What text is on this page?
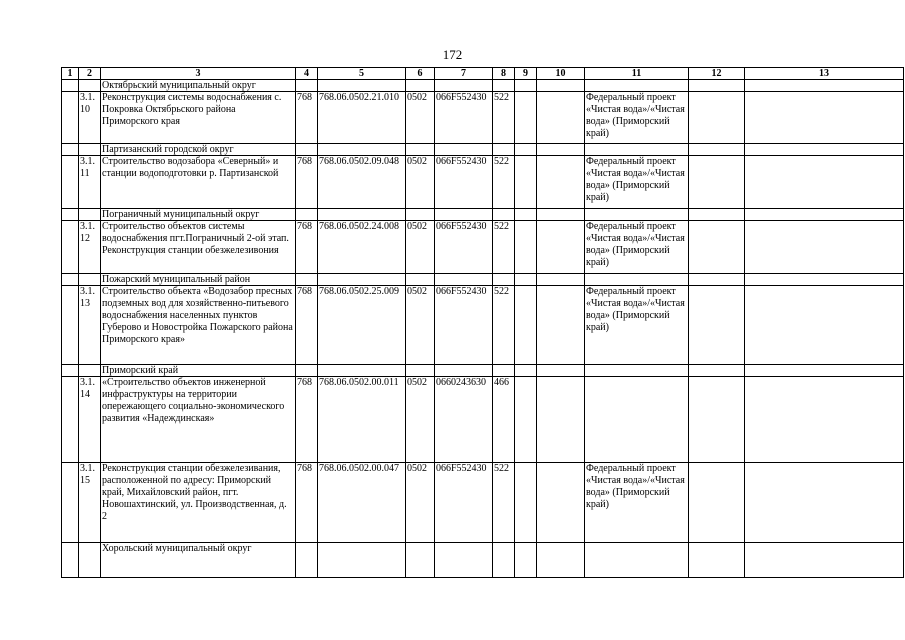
172
1	2	3	4	5	6	7	8	9	10	11	12	13
		Октябрьский муниципальный округ										
	3.1.10	Реконструкция системы водоснабжения с. Покровка Октябрьского района Приморского края	768	768.06.0502.21.010	0502	066F552430	522			Федеральный проект «Чистая вода»/«Чистая вода» (Приморский край)		
		Партизанский городской округ										
	3.1.11	Строительство водозабора «Северный» и станции водоподготовки р. Партизанской	768	768.06.0502.09.048	0502	066F552430	522			Федеральный проект «Чистая вода»/«Чистая вода» (Приморский край)		
		Пограничный муниципальный округ										
	3.1.12	Строительство объектов системы водоснабжения пгт.Пограничный 2-ой этап. Реконструкция станции обезжелезивония	768	768.06.0502.24.008	0502	066F552430	522			Федеральный проект «Чистая вода»/«Чистая вода» (Приморский край)		
		Пожарский муниципальный район										
	3.1.13	Строительство объекта «Водозабор пресных подземных вод для хозяйственно-питьевого водоснабжения населенных пунктов Губерово и Новостройка Пожарского района Приморского края»	768	768.06.0502.25.009	0502	066F552430	522			Федеральный проект «Чистая вода»/«Чистая вода» (Приморский край)		
		Приморский край										
	3.1.14	«Строительство объектов инженерной инфраструктуры на территории опережающего социально-экономического развития «Надеждинская»	768	768.06.0502.00.011	0502	0660243630	466					
	3.1.15	Реконструкция станции обезжелезивания, расположенной по адресу: Приморский край, Михайловский район, пгт. Новошахтинский, ул. Производственная, д. 2	768	768.06.0502.00.047	0502	066F552430	522			Федеральный проект «Чистая вода»/«Чистая вода» (Приморский край)		
		Хорольский муниципальный округ										
